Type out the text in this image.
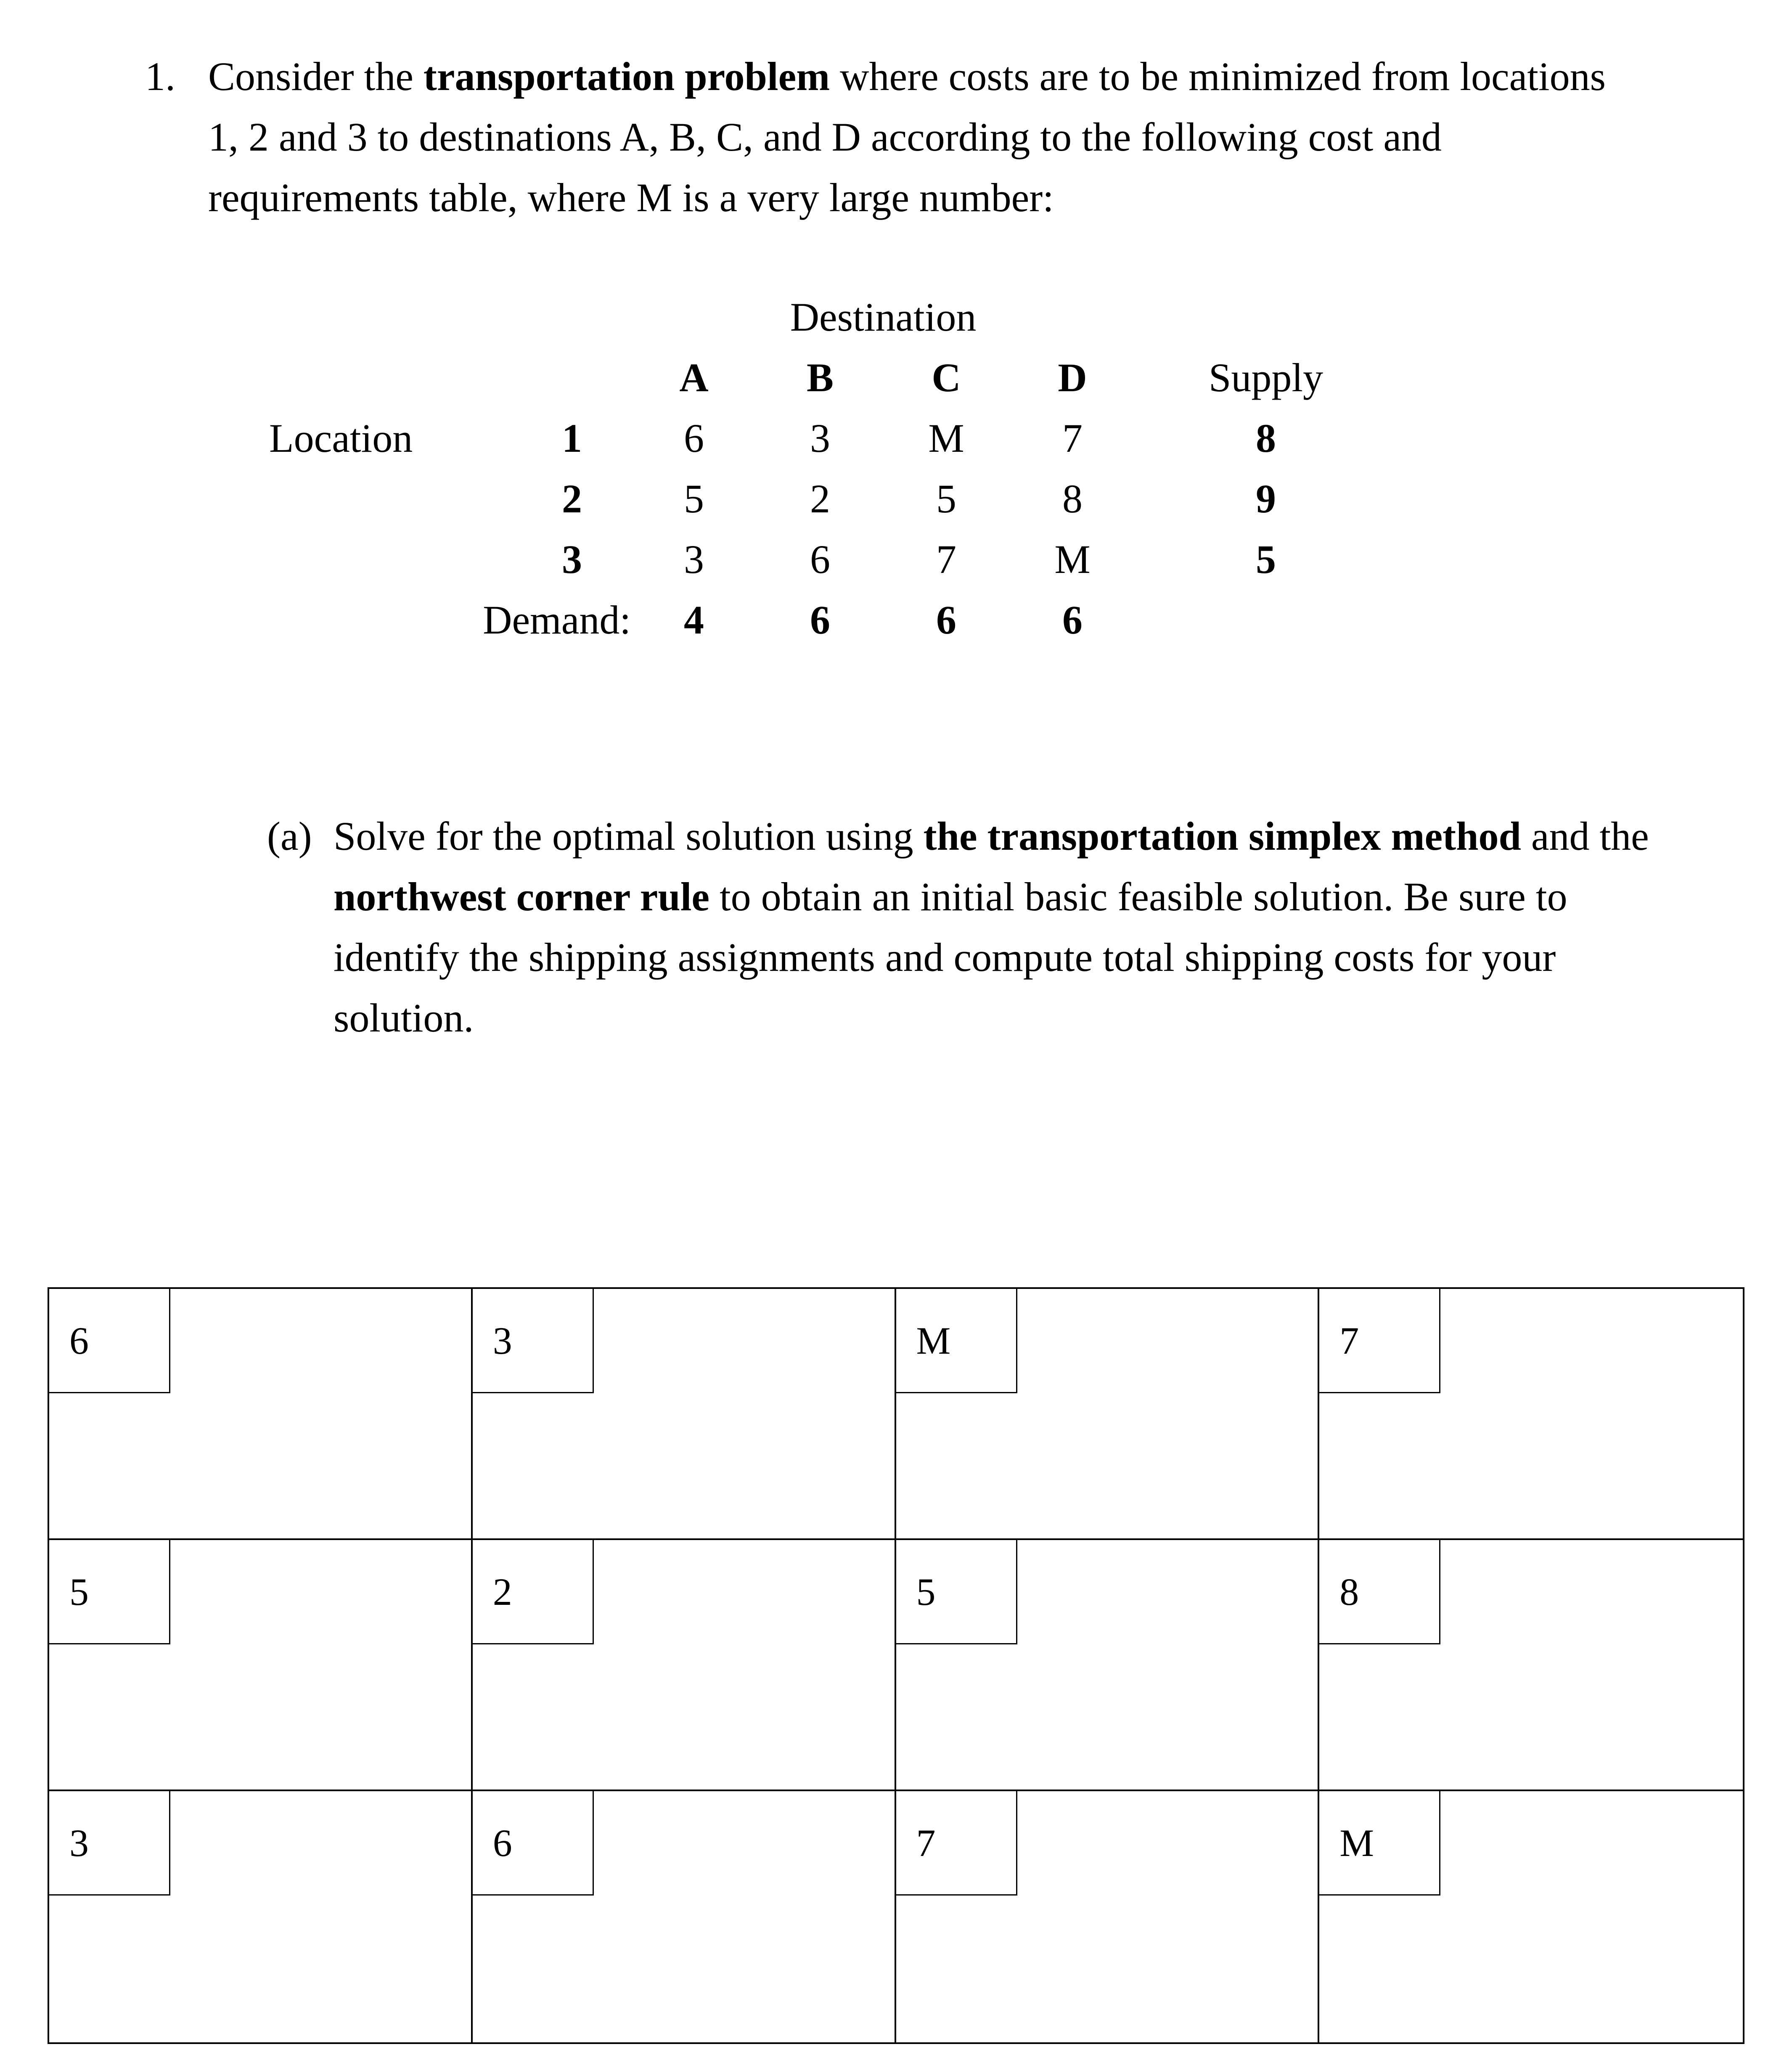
1. Consider the transportation problem where costs are to be minimized from locations 1, 2 and 3 to destinations A, B, C, and D according to the following cost and requirements table, where M is a very large number:
		Destination				
		A	B	C	D	Supply
Location	1	6	3	M	7	8
	2	5	2	5	8	9
	3	3	6	7	M	5
Demand:		4	6	6	6	
(a) Solve for the optimal solution using the transportation simplex method and the northwest corner rule to obtain an initial basic feasible solution. Be sure to identify the shipping assignments and compute total shipping costs for your solution.
6	3	M	7
5	2	5	8
3	6	7	M
